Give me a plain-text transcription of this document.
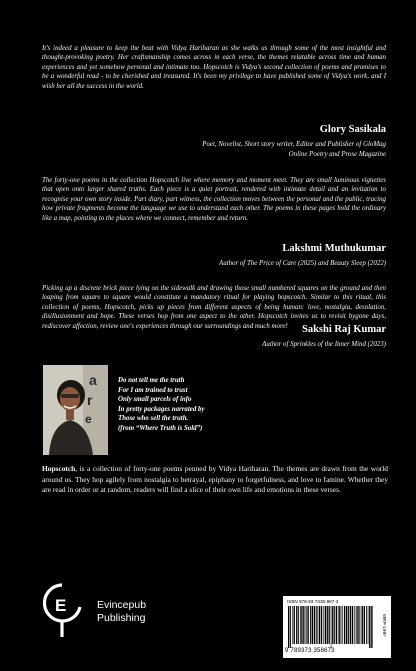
It's indeed a pleasure to keep the beat with Vidya Hariharan as she walks us through some of the most insightful and thought-provoking poetry. Her craftsmanship comes across in each verse, the themes relatable across time and human experiences and yet somehow personal and intimate too. Hopscotch is Vidya's second collection of poems and promises to be a wonderful read - to be cherished and treasured. It's been my privilege to have published some of Vidya's work, and I wish her all the success in the world.

Glory Sasikala
Poet, Novelist, Short story writer, Editor and Publisher of GloMag
Online Poetry and Prose Magazine

The forty-one poems in the collection Hopscotch live where memory and moment meet. They are small luminous vignettes that open onto larger shared truths. Each piece is a quiet portrait, rendered with intimate detail and an invitation to recognise your own story inside. Part diary, part witness, the collection moves between the personal and the public, tracing how private fragments become the language we use to understand each other. The poems in these pages hold the ordinary like a map, pointing to the places where we connect, remember and return.

Lakshmi Muthukumar
Author of The Price of Care (2025) and Beauty Sleep (2022)

Picking up a discrete brick piece lying on the sidewalk and drawing those small numbered squares on the ground and then leaping from square to square would constitute a mandatory ritual for playing hopscotch. Similar to this ritual, this collection of poems, Hopscotch, picks up pieces from different aspects of being human: love, nostalgia, desolation, disillusionment and hope. These verses hop from one aspect to the other. Hopscotch invites us to revisit bygone days, rediscover affection, review one's experiences through our surroundings and much more!	Sakshi Raj Kumar
Author of Sprinkles of the Inner Mind (2023)
a
r
e
Do not tell me the truth
For I am trained to trust
Only small parcels of info
In pretty packages narrated by
Those who sell the truth.
(from “Where Truth is Sold”)

Hopscotch, is a collection of forty-one poems penned by Vidya Hariharan. The themes are drawn from the world around us. They hop agilely from nostalgia to betrayal, epiphany to forgetfulness, and love to famine. Whether they are read in order or at random, readers will find a slice of their own life and emotions in these verses.

E	Evincepub
Publishing
ISBN 978-93-7335-987-3
MRP-199/-
9 789373 358673
